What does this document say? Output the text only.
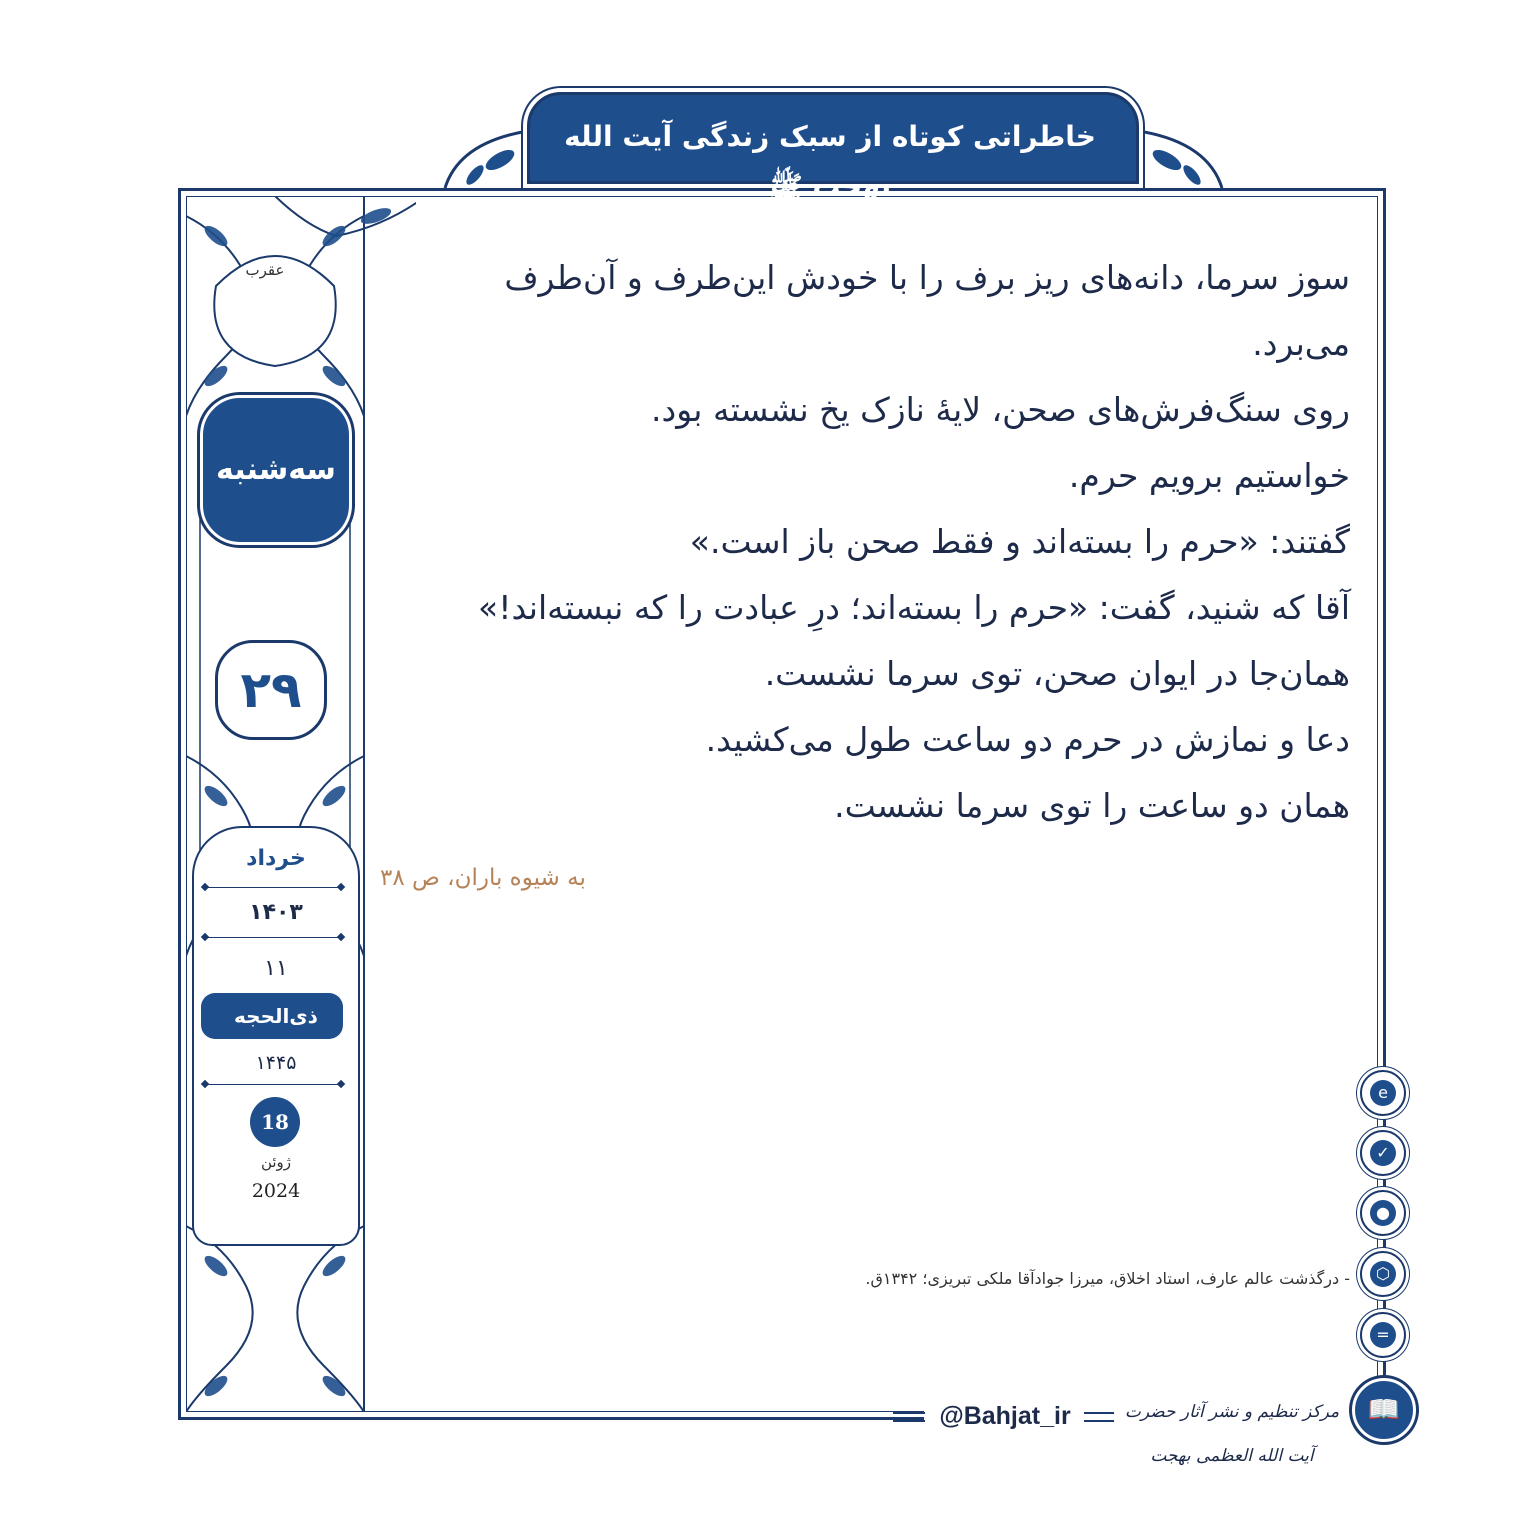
خاطراتی کوتاه از سبک زندگی آیت الله بهجت ﷺ
عقرب
سه‌شنبه
۲۹
خرداد
۱۴۰۳
۱۱
ذی‌الحجه
۱۴۴۵
18
ژوئن
2024

سوز سرما، دانه‌های ریز برف را با خودش این‌طرف و آن‌طرف

می‌برد.

روی سنگ‌فرش‌های صحن، لایهٔ نازک یخ نشسته بود.

خواستیم برویم حرم.

گفتند: «حرم را بسته‌اند و فقط صحن باز است.»

آقا که شنید، گفت: «حرم را بسته‌اند؛ درِ عبادت را که نبسته‌اند!»

همان‌جا در ایوان صحن، توی سرما نشست.

دعا و نمازش در حرم دو ساعت طول می‌کشید.

همان دو ساعت را توی سرما نشست.

به شیوه باران، ص ۳۸
- درگذشت عالم عارف، استاد اخلاق، میرزا جوادآقا ملکی تبریزی؛ ۱۳۴۲ق.
e
✓
●
⬡
=
@Bahjat_ir	مرکز تنظیم و نشر آثار حضرت آیت الله العظمی بهجت
📖
